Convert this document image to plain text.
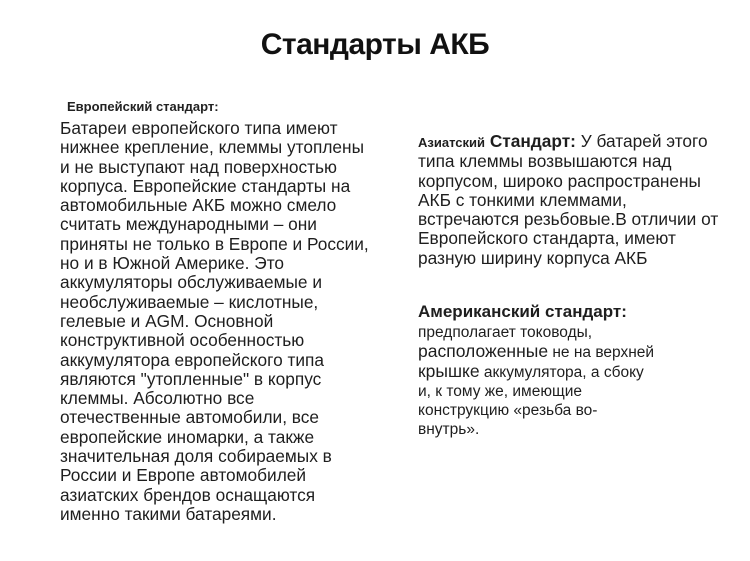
Стандарты АКБ
Европейский стандарт:
Батареи европейского типа имеют
нижнее крепление, клеммы утоплены
и не выступают над поверхностью
корпуса. Европейские стандарты на
автомобильные АКБ можно смело
считать международными – они
приняты не только в Европе и России,
но и в Южной Америке. Это
аккумуляторы обслуживаемые и
необслуживаемые – кислотные,
гелевые и AGM. Основной
конструктивной особенностью
аккумулятора европейского типа
являются "утопленные" в корпус
клеммы. Абсолютно все
отечественные автомобили, все
европейские иномарки, а также
значительная доля собираемых в
России и Европе автомобилей
азиатских брендов оснащаются
именно такими батареями.
Азиатский Стандарт: У батарей этого
типа клеммы возвышаются над
корпусом, широко распространены
АКБ с тонкими клеммами,
встречаются резьбовые.В отличии от
Европейского стандарта, имеют
разную ширину корпуса АКБ
Американский стандарт:
предполагает тоководы,
расположенные не на верхней
крышке аккумулятора, а сбоку
и, к тому же, имеющие
конструкцию «резьба во-
внутрь».
